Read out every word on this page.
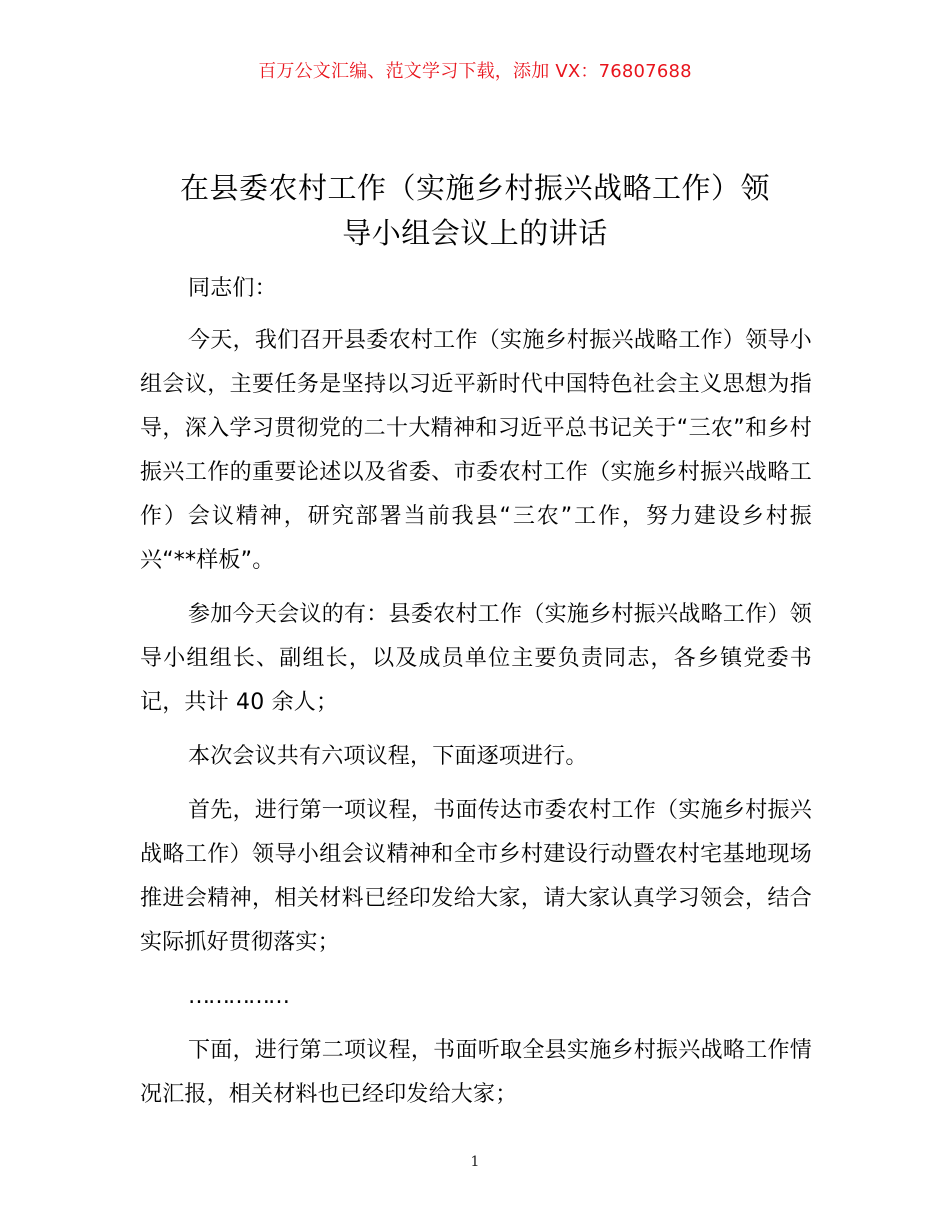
百万公文汇编、范文学习下载，添加 VX：76807688
在县委农村工作（实施乡村振兴战略工作）领
导小组会议上的讲话

同志们：

今天，我们召开县委农村工作（实施乡村振兴战略工作）领导小组会议，主要任务是坚持以习近平新时代中国特色社会主义思想为指导，深入学习贯彻党的二十大精神和习近平总书记关于“三农”和乡村振兴工作的重要论述以及省委、市委农村工作（实施乡村振兴战略工作）会议精神，研究部署当前我县“三农”工作，努力建设乡村振兴“**样板”。

参加今天会议的有：县委农村工作（实施乡村振兴战略工作）领导小组组长、副组长，以及成员单位主要负责同志，各乡镇党委书记，共计 40 余人；

本次会议共有六项议程，下面逐项进行。

首先，进行第一项议程，书面传达市委农村工作（实施乡村振兴战略工作）领导小组会议精神和全市乡村建设行动暨农村宅基地现场推进会精神，相关材料已经印发给大家，请大家认真学习领会，结合实际抓好贯彻落实；

……………

下面，进行第二项议程，书面听取全县实施乡村振兴战略工作情况汇报，相关材料也已经印发给大家；

1
